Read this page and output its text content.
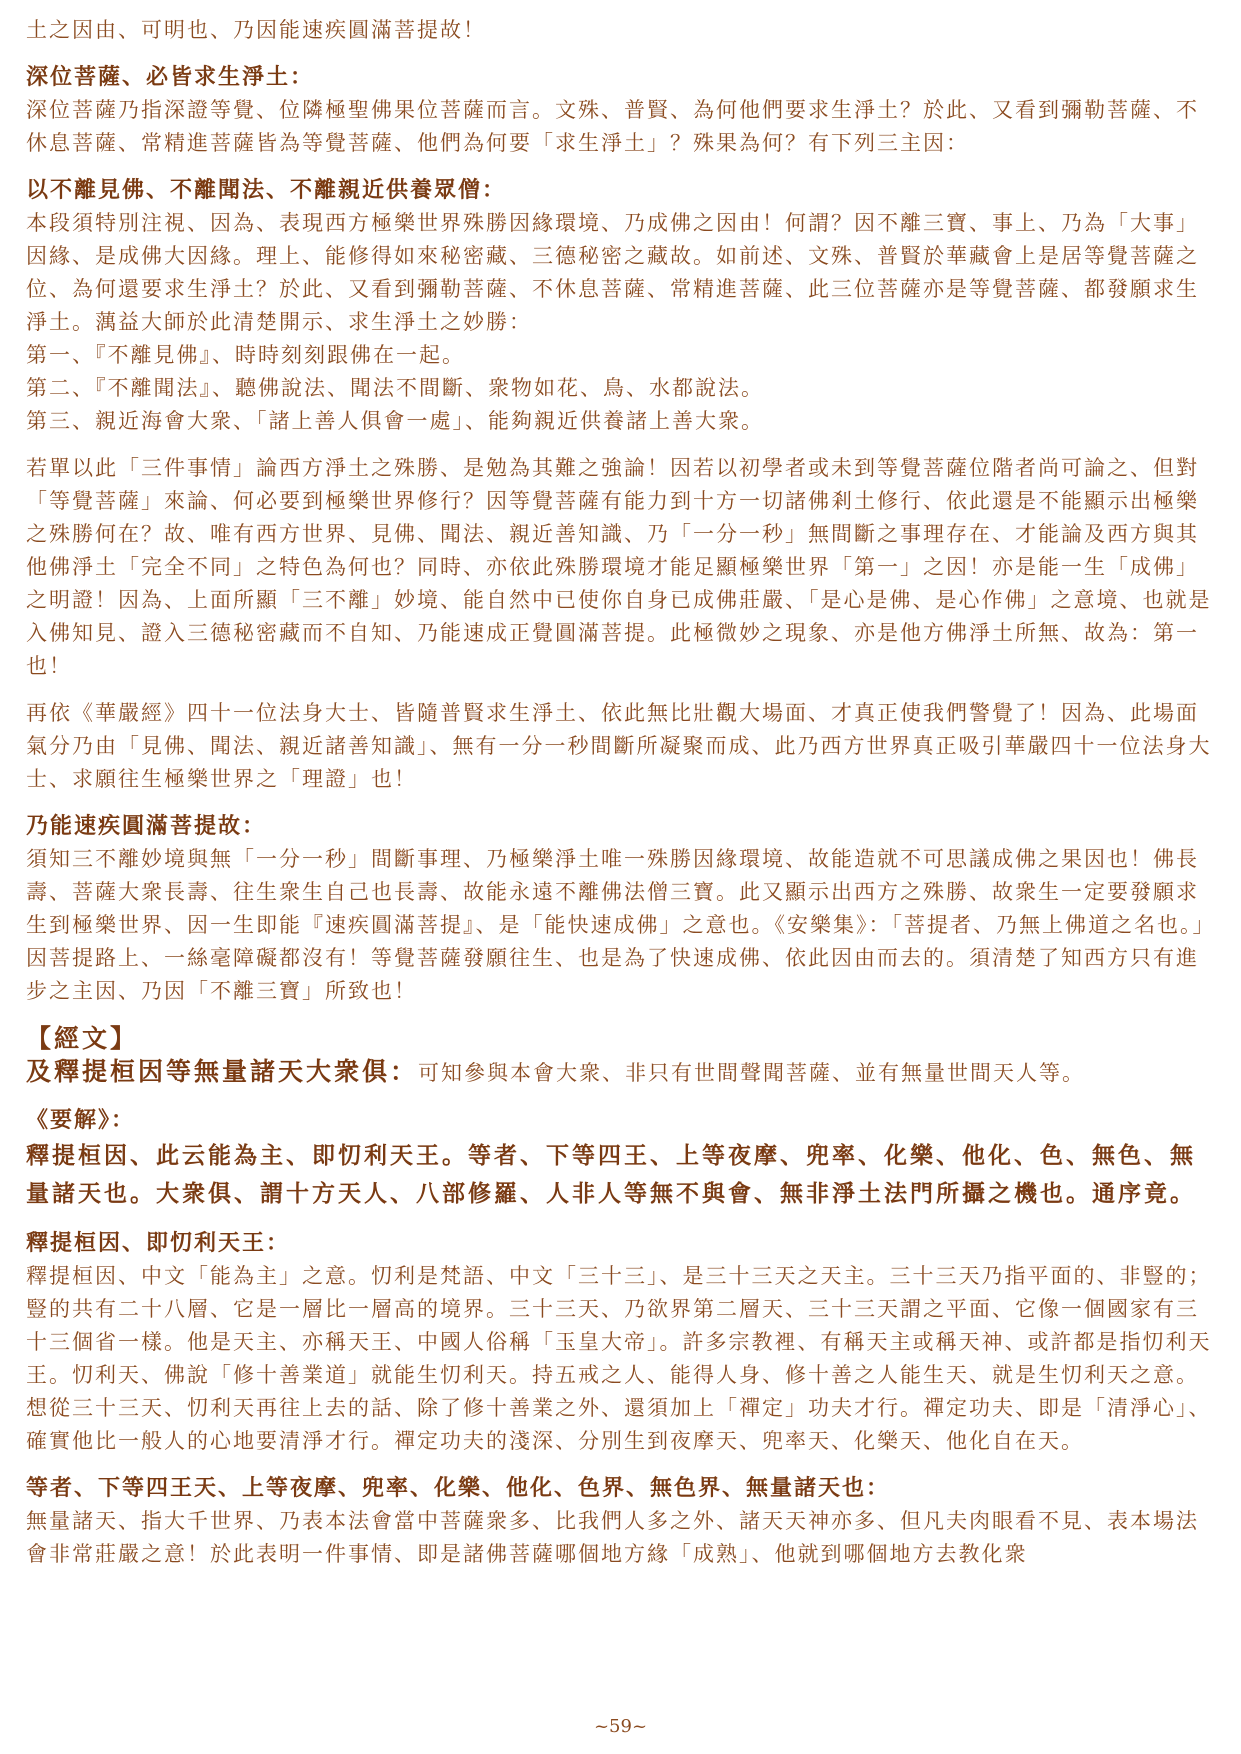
土之因由、可明也、乃因能速疾圓滿菩提故！

深位菩薩、必皆求生淨土：

深位菩薩乃指深證等覺、位隣極聖佛果位菩薩而言。文殊、普賢、為何他們要求生淨土？於此、又看到彌勒菩薩、不休息菩薩、常精進菩薩皆為等覺菩薩、他們為何要「求生淨土」？殊果為何？有下列三主因：

以不離見佛、不離聞法、不離親近供養眾僧：

本段須特別注視、因為、表現西方極樂世界殊勝因緣環境、乃成佛之因由！何謂？因不離三寶、事上、乃為「大事」因緣、是成佛大因緣。理上、能修得如來秘密藏、三德秘密之藏故。如前述、文殊、普賢於華藏會上是居等覺菩薩之位、為何還要求生淨土？於此、又看到彌勒菩薩、不休息菩薩、常精進菩薩、此三位菩薩亦是等覺菩薩、都發願求生淨土。蕅益大師於此清楚開示、求生淨土之妙勝：

第一、『不離見佛』、時時刻刻跟佛在一起。

第二、『不離聞法』、聽佛說法、聞法不間斷、衆物如花、鳥、水都說法。

第三、親近海會大衆、「諸上善人俱會一處」、能夠親近供養諸上善大衆。

若單以此「三件事情」論西方淨土之殊勝、是勉為其難之強論！因若以初學者或未到等覺菩薩位階者尚可論之、但對「等覺菩薩」來論、何必要到極樂世界修行？因等覺菩薩有能力到十方一切諸佛剎土修行、依此還是不能顯示出極樂之殊勝何在？故、唯有西方世界、見佛、聞法、親近善知識、乃「一分一秒」無間斷之事理存在、才能論及西方與其他佛淨土「完全不同」之特色為何也？同時、亦依此殊勝環境才能足顯極樂世界「第一」之因！亦是能一生「成佛」之明證！因為、上面所顯「三不離」妙境、能自然中已使你自身已成佛莊嚴、「是心是佛、是心作佛」之意境、也就是入佛知見、證入三德秘密藏而不自知、乃能速成正覺圓滿菩提。此極微妙之現象、亦是他方佛淨土所無、故為：第一也！

再依《華嚴經》四十一位法身大士、皆隨普賢求生淨土、依此無比壯觀大場面、才真正使我們警覺了！因為、此場面氣分乃由「見佛、聞法、親近諸善知識」、無有一分一秒間斷所凝聚而成、此乃西方世界真正吸引華嚴四十一位法身大士、求願往生極樂世界之「理證」也！

乃能速疾圓滿菩提故：

須知三不離妙境與無「一分一秒」間斷事理、乃極樂淨土唯一殊勝因緣環境、故能造就不可思議成佛之果因也！佛長壽、菩薩大衆長壽、往生衆生自己也長壽、故能永遠不離佛法僧三寶。此又顯示出西方之殊勝、故衆生一定要發願求生到極樂世界、因一生即能『速疾圓滿菩提』、是「能快速成佛」之意也。《安樂集》：「菩提者、乃無上佛道之名也。」因菩提路上、一絲毫障礙都沒有！等覺菩薩發願往生、也是為了快速成佛、依此因由而去的。須清楚了知西方只有進步之主因、乃因「不離三寶」所致也！

【經文】

及釋提桓因等無量諸天大衆俱：可知參與本會大衆、非只有世間聲聞菩薩、並有無量世間天人等。

《要解》：

釋提桓因、此云能為主、即忉利天王。等者、下等四王、上等夜摩、兜率、化樂、他化、色、無色、無量諸天也。大衆俱、謂十方天人、八部修羅、人非人等無不與會、無非淨土法門所攝之機也。通序竟。

釋提桓因、即忉利天王：

釋提桓因、中文「能為主」之意。忉利是梵語、中文「三十三」、是三十三天之天主。三十三天乃指平面的、非豎的；豎的共有二十八層、它是一層比一層高的境界。三十三天、乃欲界第二層天、三十三天謂之平面、它像一個國家有三十三個省一樣。他是天主、亦稱天王、中國人俗稱「玉皇大帝」。許多宗教裡、有稱天主或稱天神、或許都是指忉利天王。忉利天、佛說「修十善業道」就能生忉利天。持五戒之人、能得人身、修十善之人能生天、就是生忉利天之意。想從三十三天、忉利天再往上去的話、除了修十善業之外、還須加上「禪定」功夫才行。禪定功夫、即是「清淨心」、確實他比一般人的心地要清淨才行。禪定功夫的淺深、分別生到夜摩天、兜率天、化樂天、他化自在天。

等者、下等四王天、上等夜摩、兜率、化樂、他化、色界、無色界、無量諸天也：

無量諸天、指大千世界、乃表本法會當中菩薩衆多、比我們人多之外、諸天天神亦多、但凡夫肉眼看不見、表本場法會非常莊嚴之意！於此表明一件事情、即是諸佛菩薩哪個地方緣「成熟」、他就到哪個地方去教化衆

~59~
